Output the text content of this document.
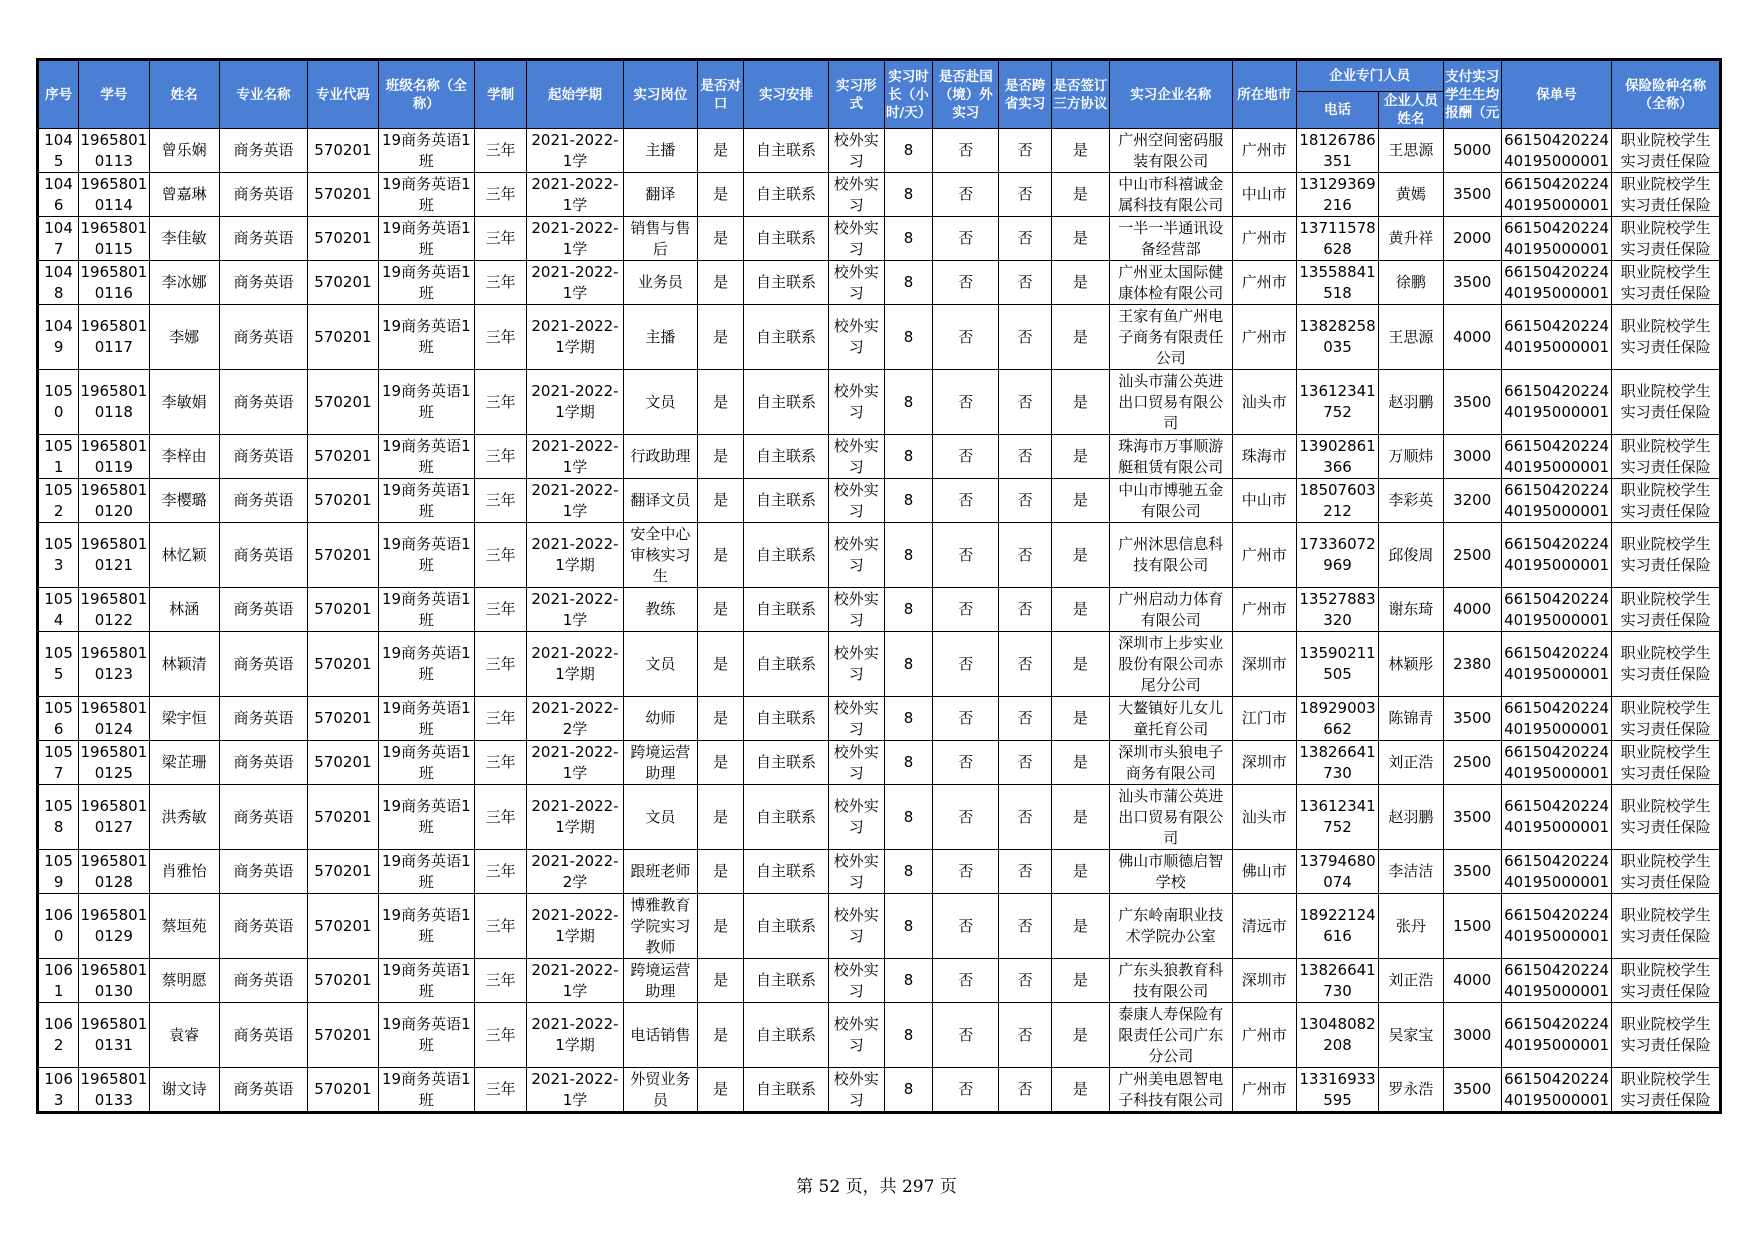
序号	学号	姓名	专业名称	专业代码	班级名称（全称）	学制	起始学期	实习岗位	是否对口	实习安排	实习形式	实习时长（小时/天）	是否赴国（境）外实习	是否跨省实习	是否签订三方协议	实习企业名称	所在地市	企业专门人员		支付实习学生生均报酬（元	保单号	保险险种名称（全称）
																		电话	企业人员姓名			
1045	19658010113	曾乐娴	商务英语	570201	19商务英语1班	三年	2021-2022-1学	主播	是	自主联系	校外实习	8	否	否	是	广州空间密码服装有限公司	广州市	18126786351	王思源	5000	6615042022440195000001	职业院校学生实习责任保险
1046	19658010114	曾嘉琳	商务英语	570201	19商务英语1班	三年	2021-2022-1学	翻译	是	自主联系	校外实习	8	否	否	是	中山市科禧诚金属科技有限公司	中山市	13129369216	黄嫣	3500	6615042022440195000001	职业院校学生实习责任保险
1047	19658010115	李佳敏	商务英语	570201	19商务英语1班	三年	2021-2022-1学	销售与售后	是	自主联系	校外实习	8	否	否	是	一半一半通讯设备经营部	广州市	13711578628	黄升祥	2000	6615042022440195000001	职业院校学生实习责任保险
1048	19658010116	李冰娜	商务英语	570201	19商务英语1班	三年	2021-2022-1学	业务员	是	自主联系	校外实习	8	否	否	是	广州亚太国际健康体检有限公司	广州市	13558841518	徐鹏	3500	6615042022440195000001	职业院校学生实习责任保险
1049	19658010117	李娜	商务英语	570201	19商务英语1班	三年	2021-2022-1学期	主播	是	自主联系	校外实习	8	否	否	是	王家有鱼广州电子商务有限责任公司	广州市	13828258035	王思源	4000	6615042022440195000001	职业院校学生实习责任保险
1050	19658010118	李敏娟	商务英语	570201	19商务英语1班	三年	2021-2022-1学期	文员	是	自主联系	校外实习	8	否	否	是	汕头市蒲公英进出口贸易有限公司	汕头市	13612341752	赵羽鹏	3500	6615042022440195000001	职业院校学生实习责任保险
1051	19658010119	李梓由	商务英语	570201	19商务英语1班	三年	2021-2022-1学	行政助理	是	自主联系	校外实习	8	否	否	是	珠海市万事顺游艇租赁有限公司	珠海市	13902861366	万顺炜	3000	6615042022440195000001	职业院校学生实习责任保险
1052	19658010120	李樱璐	商务英语	570201	19商务英语1班	三年	2021-2022-1学	翻译文员	是	自主联系	校外实习	8	否	否	是	中山市博驰五金有限公司	中山市	18507603212	李彩英	3200	6615042022440195000001	职业院校学生实习责任保险
1053	19658010121	林忆颖	商务英语	570201	19商务英语1班	三年	2021-2022-1学期	安全中心审核实习生	是	自主联系	校外实习	8	否	否	是	广州沐思信息科技有限公司	广州市	17336072969	邱俊周	2500	6615042022440195000001	职业院校学生实习责任保险
1054	19658010122	林涵	商务英语	570201	19商务英语1班	三年	2021-2022-1学	教练	是	自主联系	校外实习	8	否	否	是	广州启动力体育有限公司	广州市	13527883320	谢东琦	4000	6615042022440195000001	职业院校学生实习责任保险
1055	19658010123	林颖清	商务英语	570201	19商务英语1班	三年	2021-2022-1学期	文员	是	自主联系	校外实习	8	否	否	是	深圳市上步实业股份有限公司赤尾分公司	深圳市	13590211505	林颖彤	2380	6615042022440195000001	职业院校学生实习责任保险
1056	19658010124	梁宇恒	商务英语	570201	19商务英语1班	三年	2021-2022-2学	幼师	是	自主联系	校外实习	8	否	否	是	大鳌镇好儿女儿童托育公司	江门市	18929003662	陈锦青	3500	6615042022440195000001	职业院校学生实习责任保险
1057	19658010125	梁芷珊	商务英语	570201	19商务英语1班	三年	2021-2022-1学	跨境运营助理	是	自主联系	校外实习	8	否	否	是	深圳市头狼电子商务有限公司	深圳市	13826641730	刘正浩	2500	6615042022440195000001	职业院校学生实习责任保险
1058	19658010127	洪秀敏	商务英语	570201	19商务英语1班	三年	2021-2022-1学期	文员	是	自主联系	校外实习	8	否	否	是	汕头市蒲公英进出口贸易有限公司	汕头市	13612341752	赵羽鹏	3500	6615042022440195000001	职业院校学生实习责任保险
1059	19658010128	肖雅怡	商务英语	570201	19商务英语1班	三年	2021-2022-2学	跟班老师	是	自主联系	校外实习	8	否	否	是	佛山市顺德启智学校	佛山市	13794680074	李洁洁	3500	6615042022440195000001	职业院校学生实习责任保险
1060	19658010129	蔡垣苑	商务英语	570201	19商务英语1班	三年	2021-2022-1学期	博雅教育学院实习教师	是	自主联系	校外实习	8	否	否	是	广东岭南职业技术学院办公室	清远市	18922124616	张丹	1500	6615042022440195000001	职业院校学生实习责任保险
1061	19658010130	蔡明愿	商务英语	570201	19商务英语1班	三年	2021-2022-1学	跨境运营助理	是	自主联系	校外实习	8	否	否	是	广东头狼教育科技有限公司	深圳市	13826641730	刘正浩	4000	6615042022440195000001	职业院校学生实习责任保险
1062	19658010131	袁睿	商务英语	570201	19商务英语1班	三年	2021-2022-1学期	电话销售	是	自主联系	校外实习	8	否	否	是	泰康人寿保险有限责任公司广东分公司	广州市	13048082208	吴家宝	3000	6615042022440195000001	职业院校学生实习责任保险
1063	19658010133	谢文诗	商务英语	570201	19商务英语1班	三年	2021-2022-1学	外贸业务员	是	自主联系	校外实习	8	否	否	是	广州美电恩智电子科技有限公司	广州市	13316933595	罗永浩	3500	6615042022440195000001	职业院校学生实习责任保险
第 52 页，共 297 页
